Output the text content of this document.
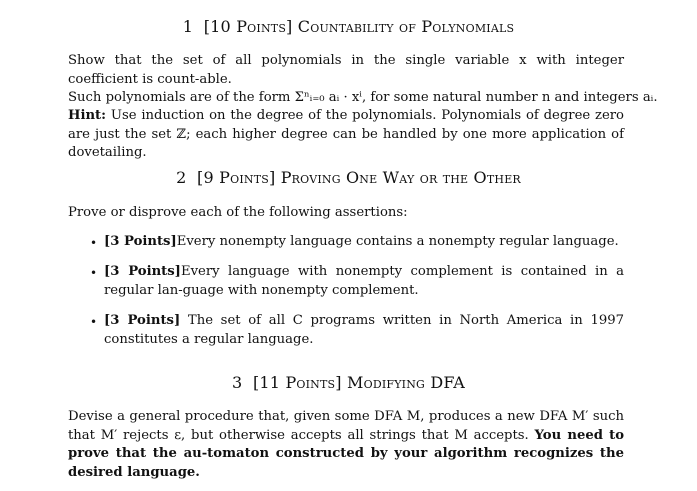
1 [10 Points] Countability of Polynomials
Show that the set of all polynomials in the single variable x with integer coefficient is count-able.
Such polynomials are of the form Σⁿᵢ₌₀ aᵢ · xⁱ, for some natural number n and integers aᵢ.
Hint: Use induction on the degree of the polynomials. Polynomials of degree zero are just the set ℤ; each higher degree can be handled by one more application of dovetailing.
2 [9 Points] Proving One Way or the Other
Prove or disprove each of the following assertions:
• [3 Points]Every nonempty language contains a nonempty regular language.
• [3 Points]Every language with nonempty complement is contained in a regular lan-guage with nonempty complement.
• [3 Points] The set of all C programs written in North America in 1997 constitutes a regular language.
3 [11 Points] Modifying DFA
Devise a general procedure that, given some DFA M, produces a new DFA M′ such that M′ rejects ε, but otherwise accepts all strings that M accepts. You need to prove that the au-tomaton constructed by your algorithm recognizes the desired language.
